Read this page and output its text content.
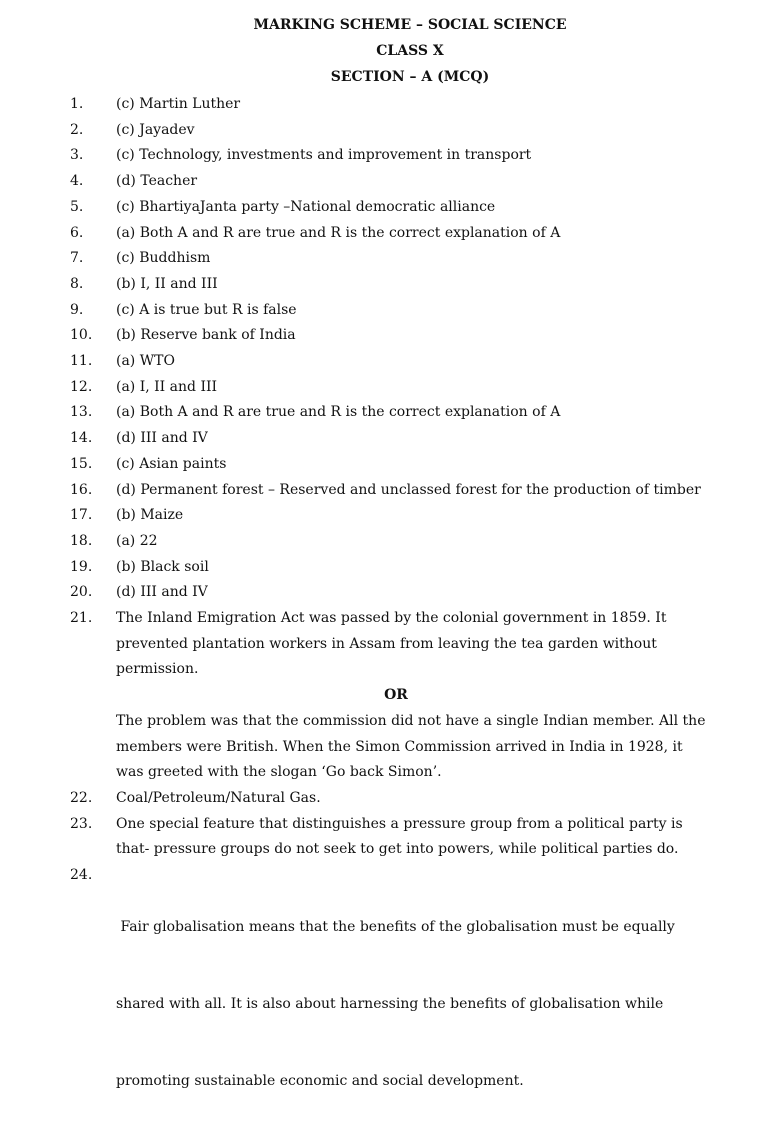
MARKING SCHEME – SOCIAL SCIENCE
CLASS X
SECTION – A (MCQ)
1.	(c) Martin Luther
2.	(c) Jayadev
3.	(c) Technology, investments and improvement in transport
4.	(d) Teacher
5.	(c) BhartiyaJanta party –National democratic alliance
6.	(a) Both A and R are true and R is the correct explanation of A
7.	(c) Buddhism
8.	(b) I, II and III
9.	(c) A is true but R is false
10.	(b) Reserve bank of India
11.	(a) WTO
12.	(a) I, II and III
13.	(a) Both A and R are true and R is the correct explanation of A
14.	(d) III and IV
15.	(c) Asian paints
16.	(d) Permanent forest – Reserved and unclassed forest for the production of timber
17.	(b) Maize
18.	(a) 22
19.	(b) Black soil
20.	(d) III and IV
21.	The Inland Emigration Act was passed by the colonial government in 1859. It
prevented plantation workers in Assam from leaving the tea garden without
permission.
OR
The problem was that the commission did not have a single Indian member. All the
members were British. When the Simon Commission arrived in India in 1928, it
was greeted with the slogan ‘Go back Simon’.
22.	Coal/Petroleum/Natural Gas.
23.	One special feature that distinguishes a pressure group from a political party is
that- pressure groups do not seek to get into powers, while political parties do.
24.

Fair globalisation means that the benefits of the globalisation must be equally

shared with all. It is also about harnessing the benefits of globalisation while

promoting sustainable economic and social development.
